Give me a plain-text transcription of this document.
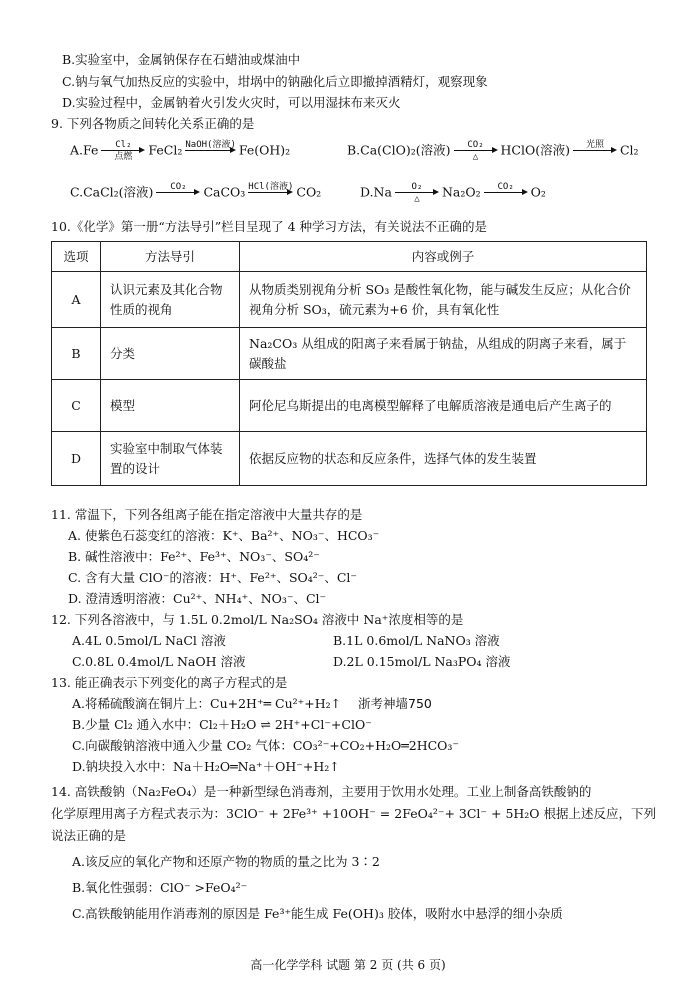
B.实验室中，金属钠保存在石蜡油或煤油中
C.钠与氧气加热反应的实验中，坩埚中的钠融化后立即撤掉酒精灯，观察现象
D.实验过程中，金属钠着火引发火灾时，可以用湿抹布来灭火
9. 下列各物质之间转化关系正确的是
A.Fe Cl₂
点燃 FeCl₂ NaOH(溶液) Fe(OH)₂	B.Ca(ClO)₂(溶液) CO₂
△ HClO(溶液) 光照 Cl₂
C.CaCl₂(溶液) CO₂ CaCO₃ HCl(溶液) CO₂	D.Na O₂
△ Na₂O₂ CO₂ O₂
10.《化学》第一册“方法导引”栏目呈现了 4 种学习方法，有关说法不正确的是
选项	方法导引	内容或例子
A	认识元素及其化合物性质的视角	从物质类别视角分析 SO₃ 是酸性氧化物，能与碱发生反应；从化合价视角分析 SO₃，硫元素为+6 价，具有氧化性
B	分类	Na₂CO₃ 从组成的阳离子来看属于钠盐，从组成的阴离子来看，属于碳酸盐
C	模型	阿伦尼乌斯提出的电离模型解释了电解质溶液是通电后产生离子的
D	实验室中制取气体装置的设计	依据反应物的状态和反应条件，选择气体的发生装置
11. 常温下，下列各组离子能在指定溶液中大量共存的是
A. 使紫色石蕊变红的溶液：K⁺、Ba²⁺、NO₃⁻、HCO₃⁻
B. 碱性溶液中：Fe²⁺、Fe³⁺、NO₃⁻、SO₄²⁻
C. 含有大量 ClO⁻的溶液：H⁺、Fe²⁺、SO₄²⁻、Cl⁻
D. 澄清透明溶液：Cu²⁺、NH₄⁺、NO₃⁻、Cl⁻
12. 下列各溶液中，与 1.5L 0.2mol/L Na₂SO₄ 溶液中 Na⁺浓度相等的是
A.4L 0.5mol/L NaCl 溶液	B.1L 0.6mol/L NaNO₃ 溶液
C.0.8L 0.4mol/L NaOH 溶液	D.2L 0.15mol/L Na₃PO₄ 溶液
13. 能正确表示下列变化的离子方程式的是
A.将稀硫酸滴在铜片上：Cu+2H⁺═ Cu²⁺+H₂↑ 浙考神墙750
B.少量 Cl₂ 通入水中：Cl₂＋H₂O ⇌ 2H⁺+Cl⁻+ClO⁻
C.向碳酸钠溶液中通入少量 CO₂ 气体：CO₃²⁻+CO₂+H₂O═2HCO₃⁻
D.钠块投入水中：Na＋H₂O═Na⁺＋OH⁻+H₂↑
14. 高铁酸钠（Na₂FeO₄）是一种新型绿色消毒剂，主要用于饮用水处理。工业上制备高铁酸钠的
化学原理用离子方程式表示为：3ClO⁻ + 2Fe³⁺ +10OH⁻ = 2FeO₄²⁻+ 3Cl⁻ + 5H₂O 根据上述反应，下列
说法正确的是
A.该反应的氧化产物和还原产物的物质的量之比为 3∶2
B.氧化性强弱：ClO⁻ >FeO₄²⁻
C.高铁酸钠能用作消毒剂的原因是 Fe³⁺能生成 Fe(OH)₃ 胶体，吸附水中悬浮的细小杂质
高一化学学科 试题 第 2 页 (共 6 页)
